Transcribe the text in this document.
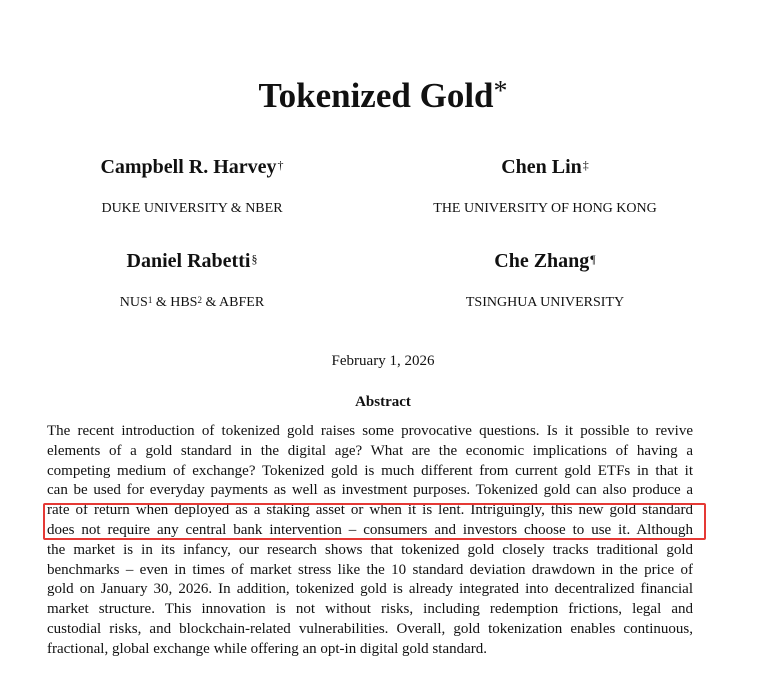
Tokenized Gold*
Campbell R. Harvey†
DUKE UNIVERSITY & NBER
Chen Lin‡
THE UNIVERSITY OF HONG KONG
Daniel Rabetti§
NUS$^1$ & HBS$^2$ & ABFER
Che Zhang¶
TSINGHUA UNIVERSITY
February 1, 2026
Abstract
The recent introduction of tokenized gold raises some provocative questions. Is it possible to revive
elements of a gold standard in the digital age? What are the economic implications of having a
competing medium of exchange? Tokenized gold is much different from current gold ETFs in that it
can be used for everyday payments as well as investment purposes. Tokenized gold can also produce a
rate of return when deployed as a staking asset or when it is lent. Intriguingly, this new gold standard
does not require any central bank intervention – consumers and investors choose to use it. Although
the market is in its infancy, our research shows that tokenized gold closely tracks traditional gold
benchmarks – even in times of market stress like the 10 standard deviation drawdown in the price of
gold on January 30, 2026. In addition, tokenized gold is already integrated into decentralized financial
market structure. This innovation is not without risks, including redemption frictions, legal and
custodial risks, and blockchain-related vulnerabilities. Overall, gold tokenization enables continuous,
fractional, global exchange while offering an opt-in digital gold standard.
